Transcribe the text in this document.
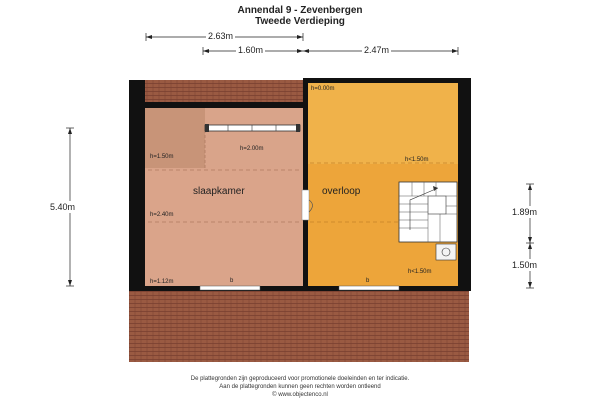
Annendal 9 - Zevenbergen
Tweede Verdieping
2.63m
1.60m	2.47m
5.40m	1.89m
1.50m
slaapkamer	overloop
h=0.00m
h=1.50m
h=2.00m
h<1.50m
h=2.40m
h=1.12m
h<1.50m
b	b
De plattegronden zijn geproduceerd voor promotionele doeleinden en ter indicatie.
Aan de plattegronden kunnen geen rechten worden ontleend
© www.objectenco.nl
